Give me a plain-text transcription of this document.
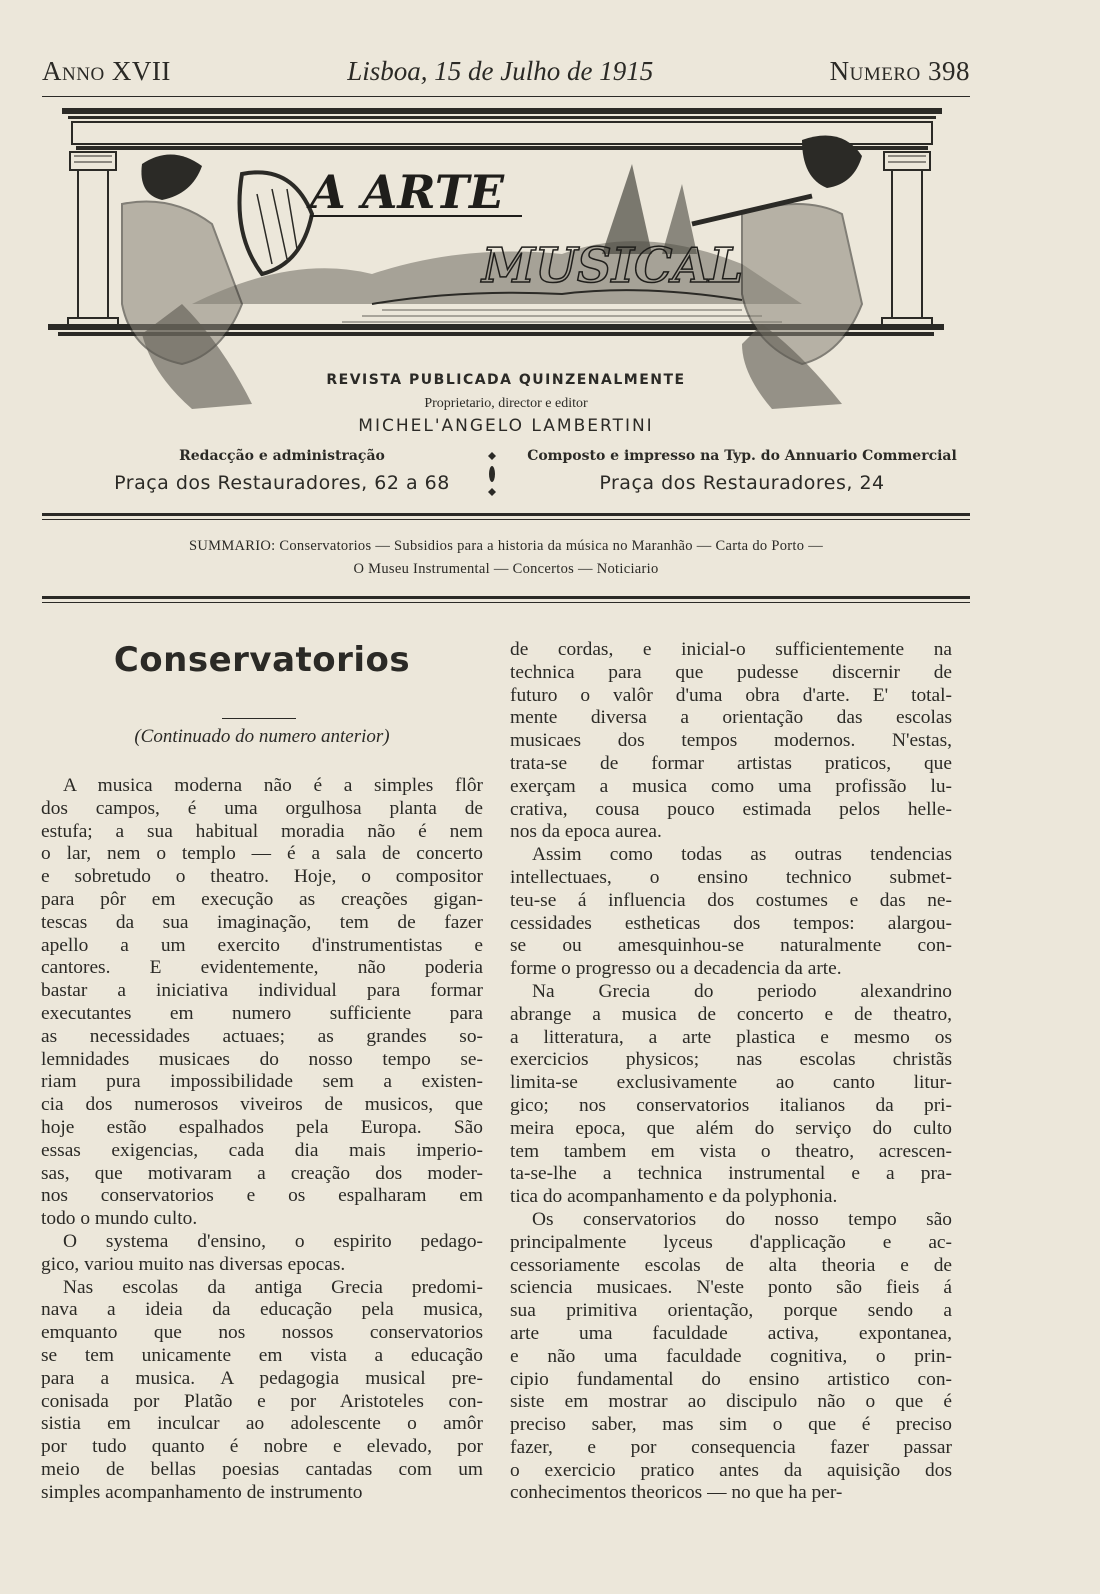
Anno XVII	Lisboa, 15 de Julho de 1915	Numero 398
A ARTE
MUSICAL
REVISTA PUBLICADA QUINZENALMENTE
Proprietario, director e editor
MICHEL'ANGELO LAMBERTINI
Redacção e administração
Praça dos Restauradores, 62 a 68
Composto e impresso na Typ. do Annuario Commercial
Praça dos Restauradores, 24
SUMMARIO: Conservatorios — Subsidios para a historia da música no Maranhão — Carta do Porto —
O Museu Instrumental — Concertos — Noticiario
Conservatorios
(Continuado do numero anterior)
A musica moderna não é a simples flôr
dos campos, é uma orgulhosa planta de
estufa; a sua habitual moradia não é nem
o lar, nem o templo — é a sala de concerto
e sobretudo o theatro. Hoje, o compositor
para pôr em execução as creações gigan-
tescas da sua imaginação, tem de fazer
apello a um exercito d'instrumentistas e
cantores. E evidentemente, não poderia
bastar a iniciativa individual para formar
executantes em numero sufficiente para
as necessidades actuaes; as grandes so-
lemnidades musicaes do nosso tempo se-
riam pura impossibilidade sem a existen-
cia dos numerosos viveiros de musicos, que
hoje estão espalhados pela Europa. São
essas exigencias, cada dia mais imperio-
sas, que motivaram a creação dos moder-
nos conservatorios e os espalharam em
todo o mundo culto.
O systema d'ensino, o espirito pedago-
gico, variou muito nas diversas epocas.
Nas escolas da antiga Grecia predomi-
nava a ideia da educação pela musica,
emquanto que nos nossos conservatorios
se tem unicamente em vista a educação
para a musica. A pedagogia musical pre-
conisada por Platão e por Aristoteles con-
sistia em inculcar ao adolescente o amôr
por tudo quanto é nobre e elevado, por
meio de bellas poesias cantadas com um
simples acompanhamento de instrumento
de cordas, e inicial-o sufficientemente na
technica para que pudesse discernir de
futuro o valôr d'uma obra d'arte. E' total-
mente diversa a orientação das escolas
musicaes dos tempos modernos. N'estas,
trata-se de formar artistas praticos, que
exerçam a musica como uma profissão lu-
crativa, cousa pouco estimada pelos helle-
nos da epoca aurea.
Assim como todas as outras tendencias
intellectuaes, o ensino technico submet-
teu-se á influencia dos costumes e das ne-
cessidades estheticas dos tempos: alargou-
se ou amesquinhou-se naturalmente con-
forme o progresso ou a decadencia da arte.
Na Grecia do periodo alexandrino
abrange a musica de concerto e de theatro,
a litteratura, a arte plastica e mesmo os
exercicios physicos; nas escolas christãs
limita-se exclusivamente ao canto litur-
gico; nos conservatorios italianos da pri-
meira epoca, que além do serviço do culto
tem tambem em vista o theatro, acrescen-
ta-se-lhe a technica instrumental e a pra-
tica do acompanhamento e da polyphonia.
Os conservatorios do nosso tempo são
principalmente lyceus d'applicação e ac-
cessoriamente escolas de alta theoria e de
sciencia musicaes. N'este ponto são fieis á
sua primitiva orientação, porque sendo a
arte uma faculdade activa, expontanea,
e não uma faculdade cognitiva, o prin-
cipio fundamental do ensino artistico con-
siste em mostrar ao discipulo não o que é
preciso saber, mas sim o que é preciso
fazer, e por consequencia fazer passar
o exercicio pratico antes da aquisição dos
conhecimentos theoricos — no que ha per-
